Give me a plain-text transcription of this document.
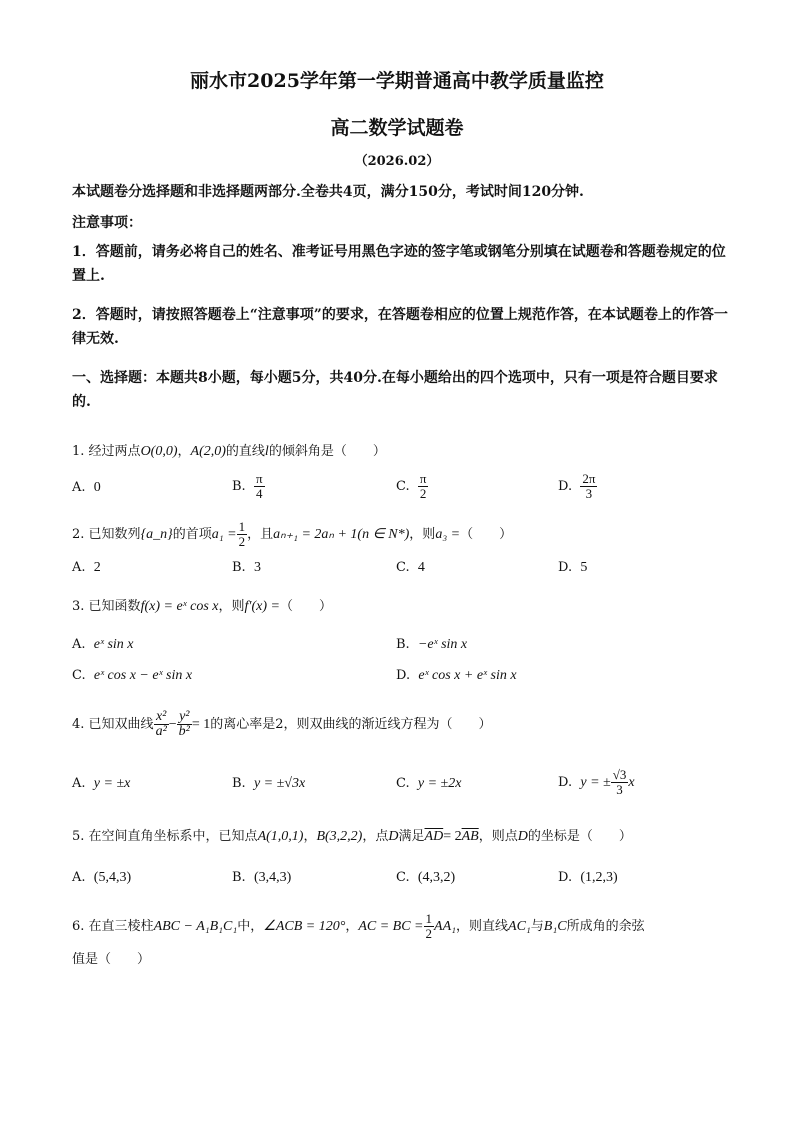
丽水市2025学年第一学期普通高中教学质量监控
高二数学试题卷
（2026.02）
本试题卷分选择题和非选择题两部分.全卷共4页，满分150分，考试时间120分钟.
注意事项：
1．答题前，请务必将自己的姓名、准考证号用黑色字迹的签字笔或钢笔分别填在试题卷和答题卷规定的位置上.
2．答题时，请按照答题卷上“注意事项”的要求，在答题卷相应的位置上规范作答，在本试题卷上的作答一律无效.
一、选择题：本题共8小题，每小题5分，共40分.在每小题给出的四个选项中，只有一项是符合题目要求的.
1. 经过两点O(0,0)，A(2,0)的直线l的倾斜角是（　　）
A. 0	B. $\frac{\pi}{4}$	C. $\frac{\pi}{2}$	D. $\frac{2\pi}{3}$
2. 已知数列{a_n}的首项$a_1 = \frac{1}{2}$ ，且aₙ₊₁ = 2aₙ + 1(n ∈ N*)，则a₃ =（　　）
A. 2	B. 3	C. 4	D. 5
3. 已知函数f(x) = eˣ cos x，则f′(x) =（　　）
A. eˣ sin x	B. −eˣ sin x
C. eˣ cos x − eˣ sin x	D. eˣ cos x + eˣ sin x
4. 已知双曲线 $\frac{\text{x²}}{\text{a²}} - \frac{\text{y²}}{\text{b²}} = 1$的离心率是2，则双曲线的渐近线方程为（　　）
A. y = ±x	B. y = ±√3x	C. y = ±2x	D. y = ± $\frac{√3}{3}$ x
5. 在空间直角坐标系中，已知点A(1,0,1)，B(3,2,2)，点D满足$\overline{AD}= 2\overline{AB}$，则点D的坐标是（　　）
A. (5,4,3)	B. (3,4,3)	C. (4,3,2)	D. (1,2,3)
6. 在直三棱柱ABC − A₁B₁C₁中，∠ACB = 120°，AC = BC = $\frac{1}{2} AA_1$，则直线AC₁与B₁C所成角的余弦
值是（　　）
